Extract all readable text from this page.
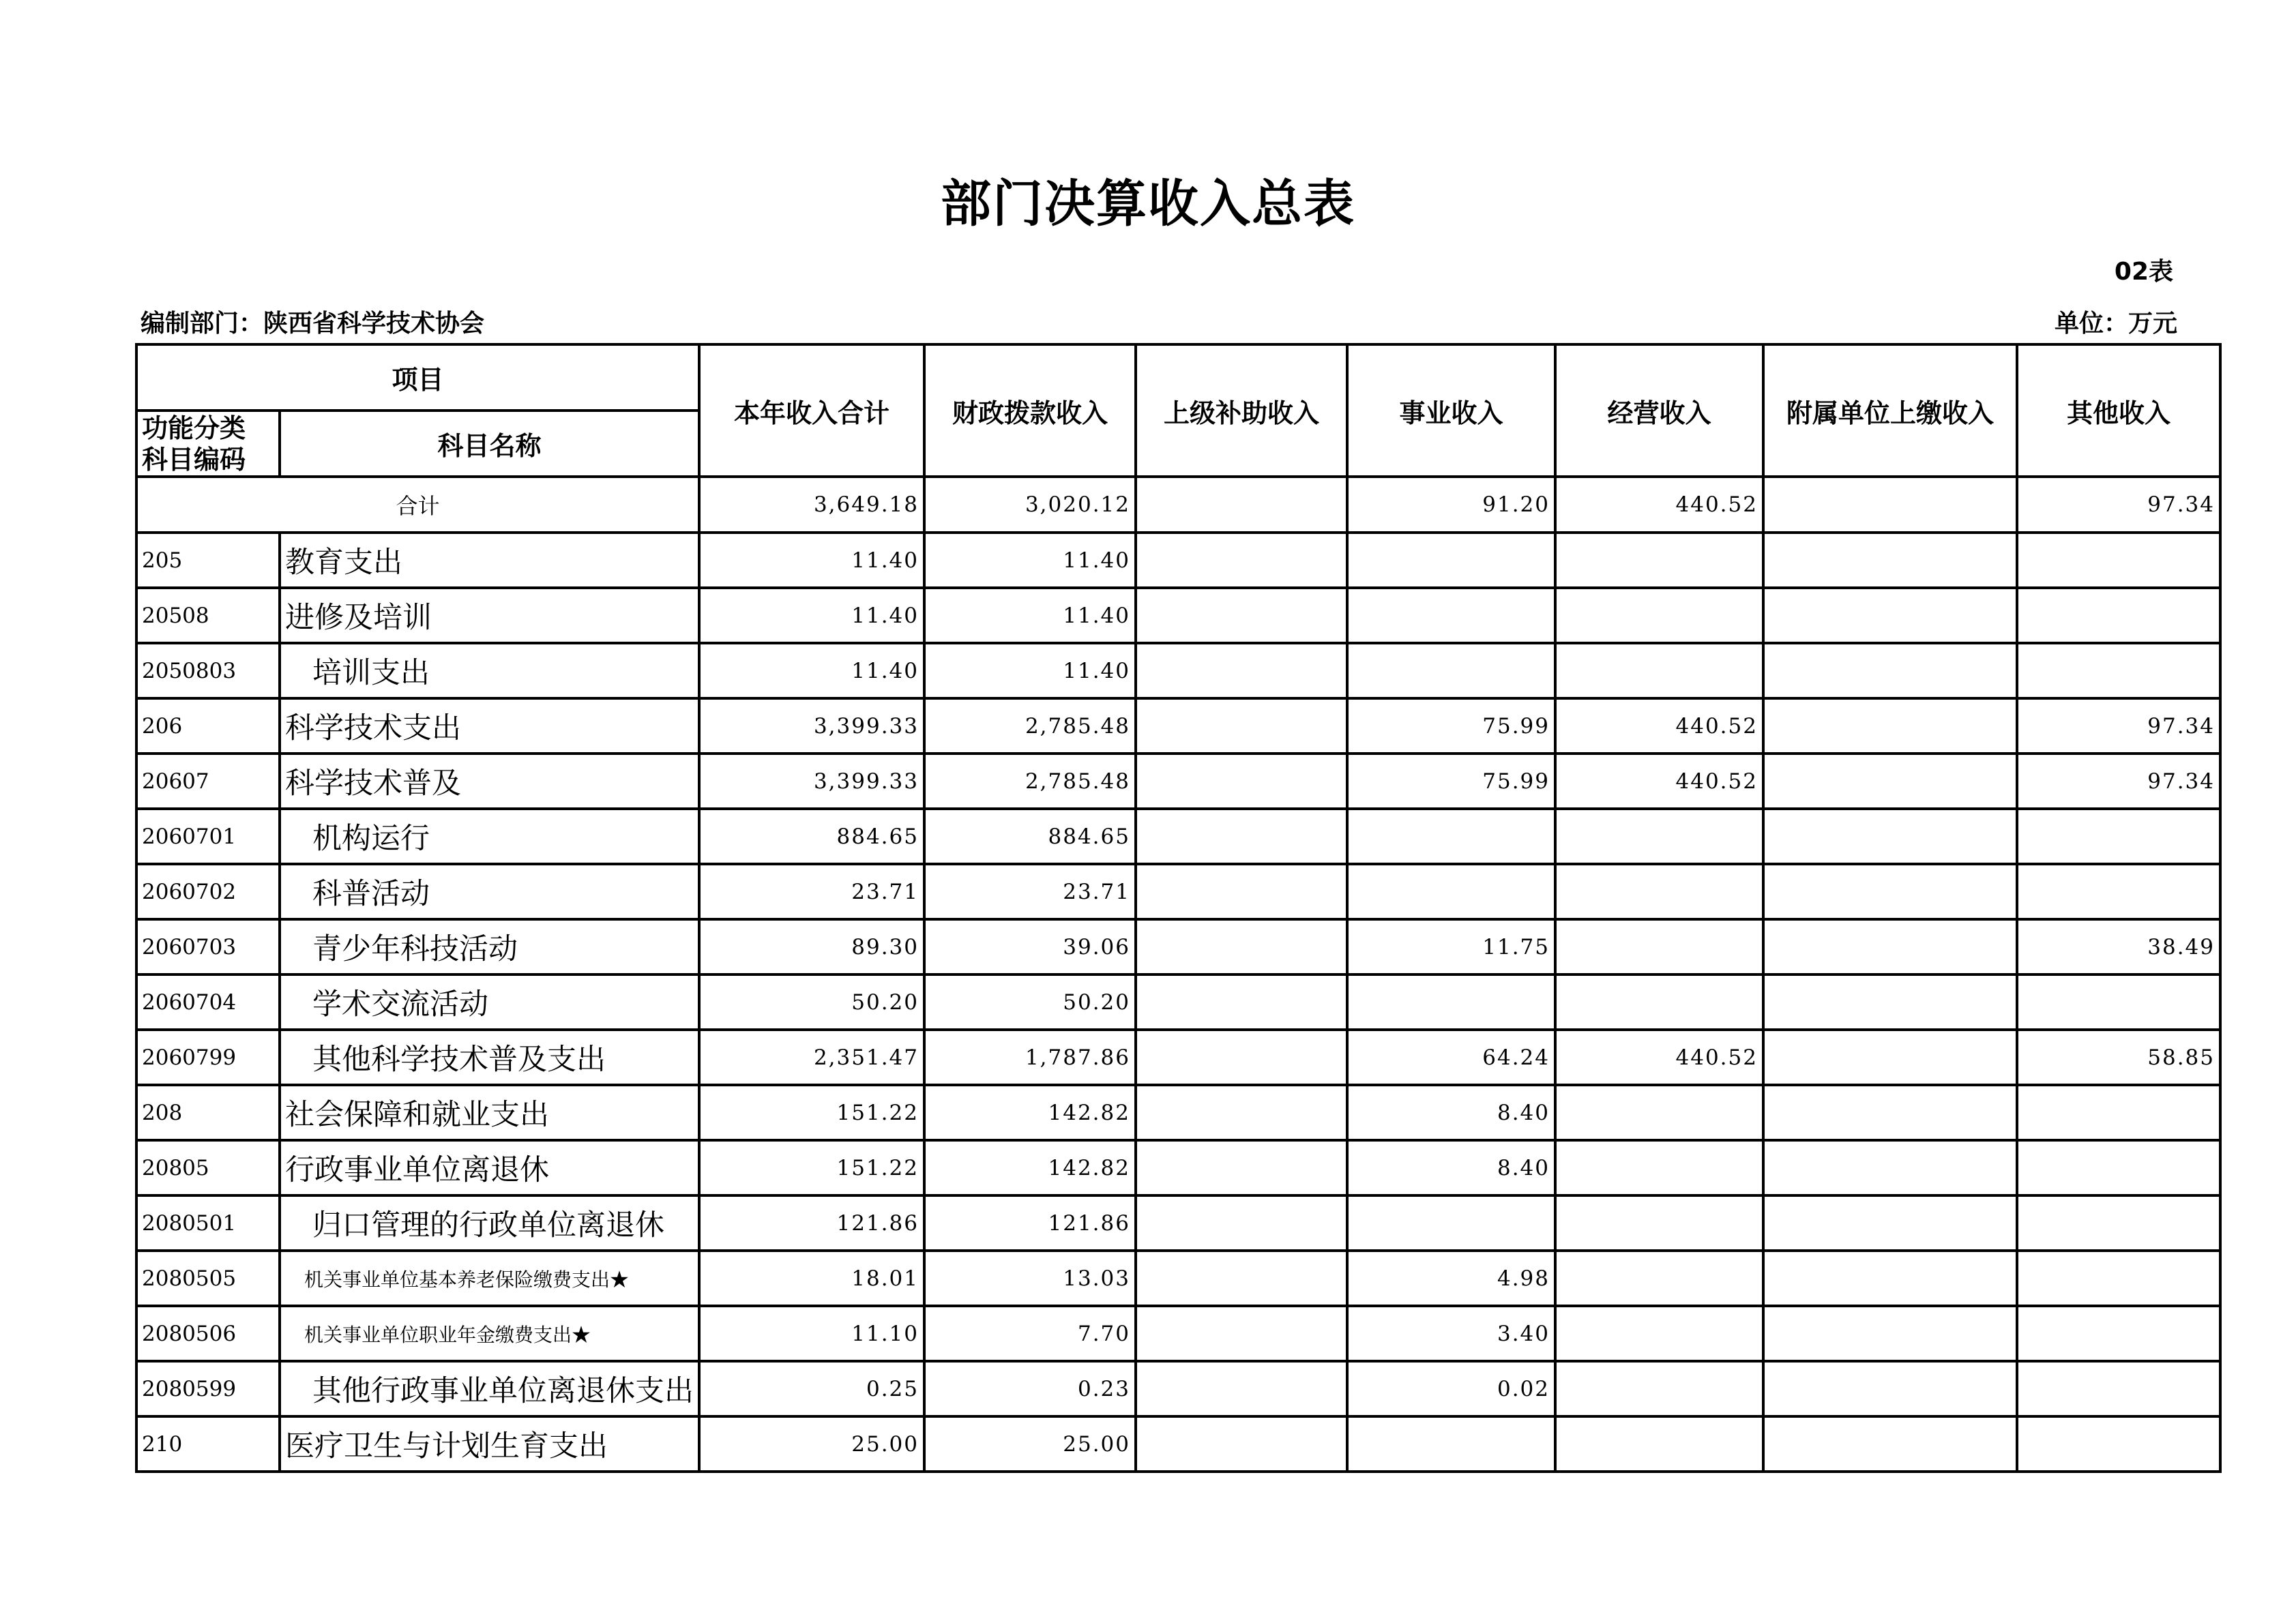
部门决算收入总表
02表
编制部门：陕西省科学技术协会	单位：万元
项目		本年收入合计	财政拨款收入	上级补助收入	事业收入	经营收入	附属单位上缴收入	其他收入

功能分类
科目编码	科目名称							
合计		3,649.18	3,020.12		91.20	440.52		97.34
205	教育支出	11.40	11.40					
20508	进修及培训	11.40	11.40					
2050803	培训支出	11.40	11.40					
206	科学技术支出	3,399.33	2,785.48		75.99	440.52		97.34
20607	科学技术普及	3,399.33	2,785.48		75.99	440.52		97.34
2060701	机构运行	884.65	884.65					
2060702	科普活动	23.71	23.71					
2060703	青少年科技活动	89.30	39.06		11.75			38.49
2060704	学术交流活动	50.20	50.20					
2060799	其他科学技术普及支出	2,351.47	1,787.86		64.24	440.52		58.85
208	社会保障和就业支出	151.22	142.82		8.40			
20805	行政事业单位离退休	151.22	142.82		8.40			
2080501	归口管理的行政单位离退休	121.86	121.86					
2080505	机关事业单位基本养老保险缴费支出★	18.01	13.03		4.98			
2080506	机关事业单位职业年金缴费支出★	11.10	7.70		3.40			
2080599	其他行政事业单位离退休支出	0.25	0.23		0.02			
210	医疗卫生与计划生育支出	25.00	25.00					
